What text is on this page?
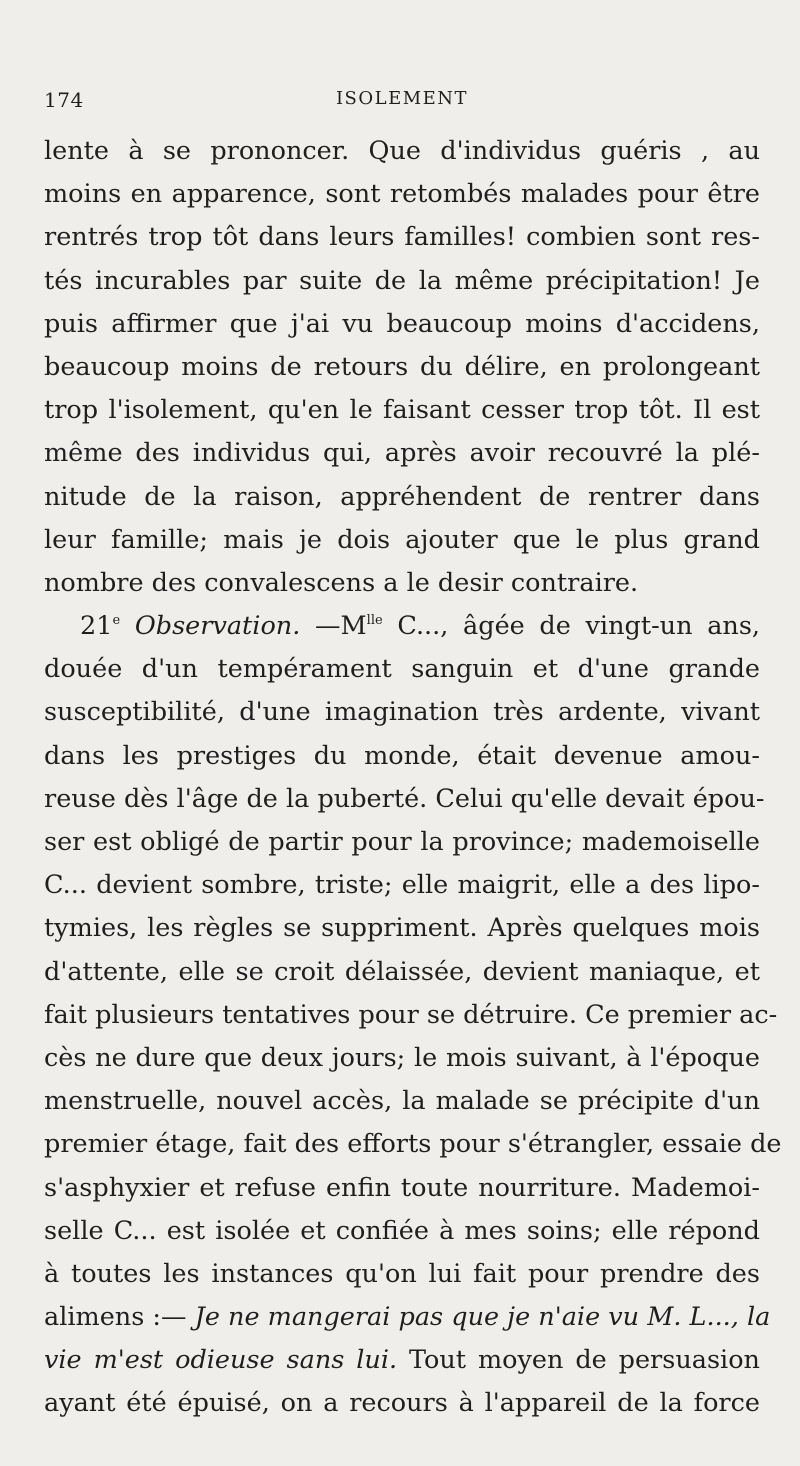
174	ISOLEMENT
lente à se prononcer. Que d'individus guéris , au
moins en apparence, sont retombés malades pour être
rentrés trop tôt dans leurs familles! combien sont res-
tés incurables par suite de la même précipitation! Je
puis affirmer que j'ai vu beaucoup moins d'accidens,
beaucoup moins de retours du délire, en prolongeant
trop l'isolement, qu'en le faisant cesser trop tôt. Il est
même des individus qui, après avoir recouvré la plé-
nitude de la raison, appréhendent de rentrer dans
leur famille; mais je dois ajouter que le plus grand
nombre des convalescens a le desir contraire.
21e Observation. $—M^{lle}$ C..., âgée de vingt-un ans,
douée d'un tempérament sanguin et d'une grande
susceptibilité, d'une imagination très ardente, vivant
dans les prestiges du monde, était devenue amou-
reuse dès l'âge de la puberté. Celui qu'elle devait épou-
ser est obligé de partir pour la province; mademoiselle
C... devient sombre, triste; elle maigrit, elle a des lipo-
tymies, les règles se suppriment. Après quelques mois
d'attente, elle se croit délaissée, devient maniaque, et
fait plusieurs tentatives pour se détruire. Ce premier ac-
cès ne dure que deux jours; le mois suivant, à l'époque
menstruelle, nouvel accès, la malade se précipite d'un
premier étage, fait des efforts pour s'étrangler, essaie de
s'asphyxier et refuse enfin toute nourriture. Mademoi-
selle C... est isolée et confiée à mes soins; elle répond
à toutes les instances qu'on lui fait pour prendre des
alimens :— Je ne mangerai pas que je n'aie vu M. L..., la
vie m'est odieuse sans lui. Tout moyen de persuasion
ayant été épuisé, on a recours à l'appareil de la force
